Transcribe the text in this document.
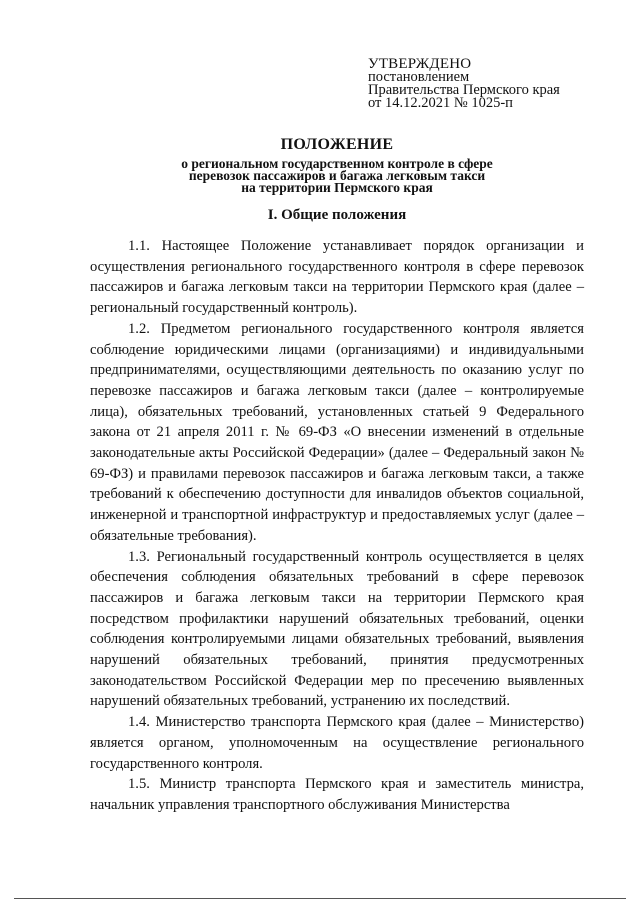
УТВЕРЖДЕНО
постановлением
Правительства Пермского края
от 14.12.2021 № 1025-п
ПОЛОЖЕНИЕ
о региональном государственном контроле в сфере
перевозок пассажиров и багажа легковым такси
на территории Пермского края
I. Общие положения

1.1. Настоящее Положение устанавливает порядок организации и осуществления регионального государственного контроля в сфере перевозок пассажиров и багажа легковым такси на территории Пермского края (далее – региональный государственный контроль).

1.2. Предметом регионального государственного контроля является соблюдение юридическими лицами (организациями) и индивидуальными предпринимателями, осуществляющими деятельность по оказанию услуг по перевозке пассажиров и багажа легковым такси (далее – контролируемые лица), обязательных требований, установленных статьей 9 Федерального закона от 21 апреля 2011 г. № 69-ФЗ «О внесении изменений в отдельные законодательные акты Российской Федерации» (далее – Федеральный закон № 69-ФЗ) и правилами перевозок пассажиров и багажа легковым такси, а также требований к обеспечению доступности для инвалидов объектов социальной, инженерной и транспортной инфраструктур и предоставляемых услуг (далее – обязательные требования).

1.3. Региональный государственный контроль осуществляется в целях обеспечения соблюдения обязательных требований в сфере перевозок пассажиров и багажа легковым такси на территории Пермского края посредством профилактики нарушений обязательных требований, оценки соблюдения контролируемыми лицами обязательных требований, выявления нарушений обязательных требований, принятия предусмотренных законодательством Российской Федерации мер по пресечению выявленных нарушений обязательных требований, устранению их последствий.

1.4. Министерство транспорта Пермского края (далее – Министерство) является органом, уполномоченным на осуществление регионального государственного контроля.

1.5. Министр транспорта Пермского края и заместитель министра, начальник управления транспортного обслуживания Министерства
